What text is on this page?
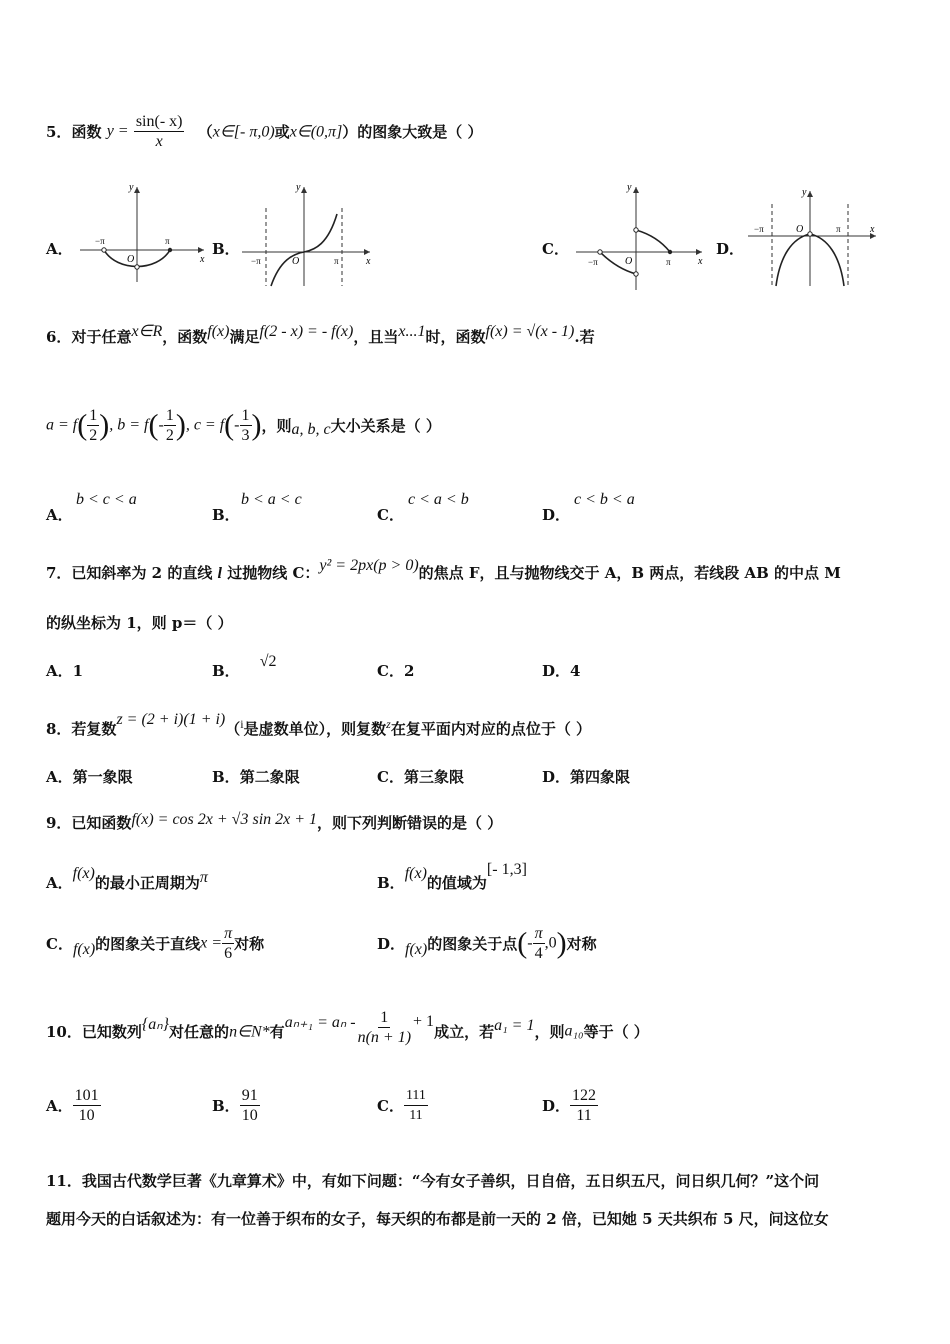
5．函数 $y = \frac{\sin(- x)}{x}$ （x∈[- π,0)或x∈(0,π]）的图象大致是（ ）
A．	B．	C．	D．
y
x
O
−π	π
y
x
O
−π	π
y
x
O
−π	π
y
x
O
−π	π
6．对于任意x∈R，函数f(x)满足f(2 - x) = - f(x)，且当x...1时，函数f(x) = √(x - 1).若
$a = f( \frac{1}{2}$ ), $b = f(- \frac{1}{2}$ ), $c = f(- \frac{1}{3}$ )，则a, b, c大小关系是（ ）
A．
b < c < a
B．
b < a < c
C．
c < a < b
D．
c < b < a
7．已知斜率为 2 的直线 l 过抛物线 C：y² = 2px(p > 0)的焦点 F，且与抛物线交于 A，B 两点，若线段 AB 的中点 M
的纵坐标为 1，则 p＝（ ）
A．1	B．√2
C．2	D．4
8．若复数z = (2 + i)(1 + i)（$^i$是虚数单位），则复数$^z$在复平面内对应的点位于（ ）
A．第一象限	B．第二象限	C．第三象限	D．第四象限
9．已知函数f(x) = cos 2x + √3 sin 2x + 1，则下列判断错误的是（ ）
A．f(x)的最小正周期为π	B．f(x)的值域为[- 1,3]
C．f(x)的图象关于直线$x = \frac{\pi}{6}$ 对称	D．f(x)的图象关于点(- $\frac{\pi}{4} ,0$)对称
10．已知数列{aₙ}对任意的n∈N*有$a_{n+1} = a_n - \frac{1}{n(n + 1)} + 1$成立，若a₁ = 1，则a₁₀等于（ ）
A． $\frac{101}{10}$	B． $\frac{91}{10}$	C． $\frac{111}{11}$	D． $\frac{122}{11}$
11．我国古代数学巨著《九章算术》中，有如下问题：“今有女子善织，日自倍，五日织五尺，问日织几何？”这个问
题用今天的白话叙述为：有一位善于织布的女子，每天织的布都是前一天的 2 倍，已知她 5 天共织布 5 尺，问这位女
